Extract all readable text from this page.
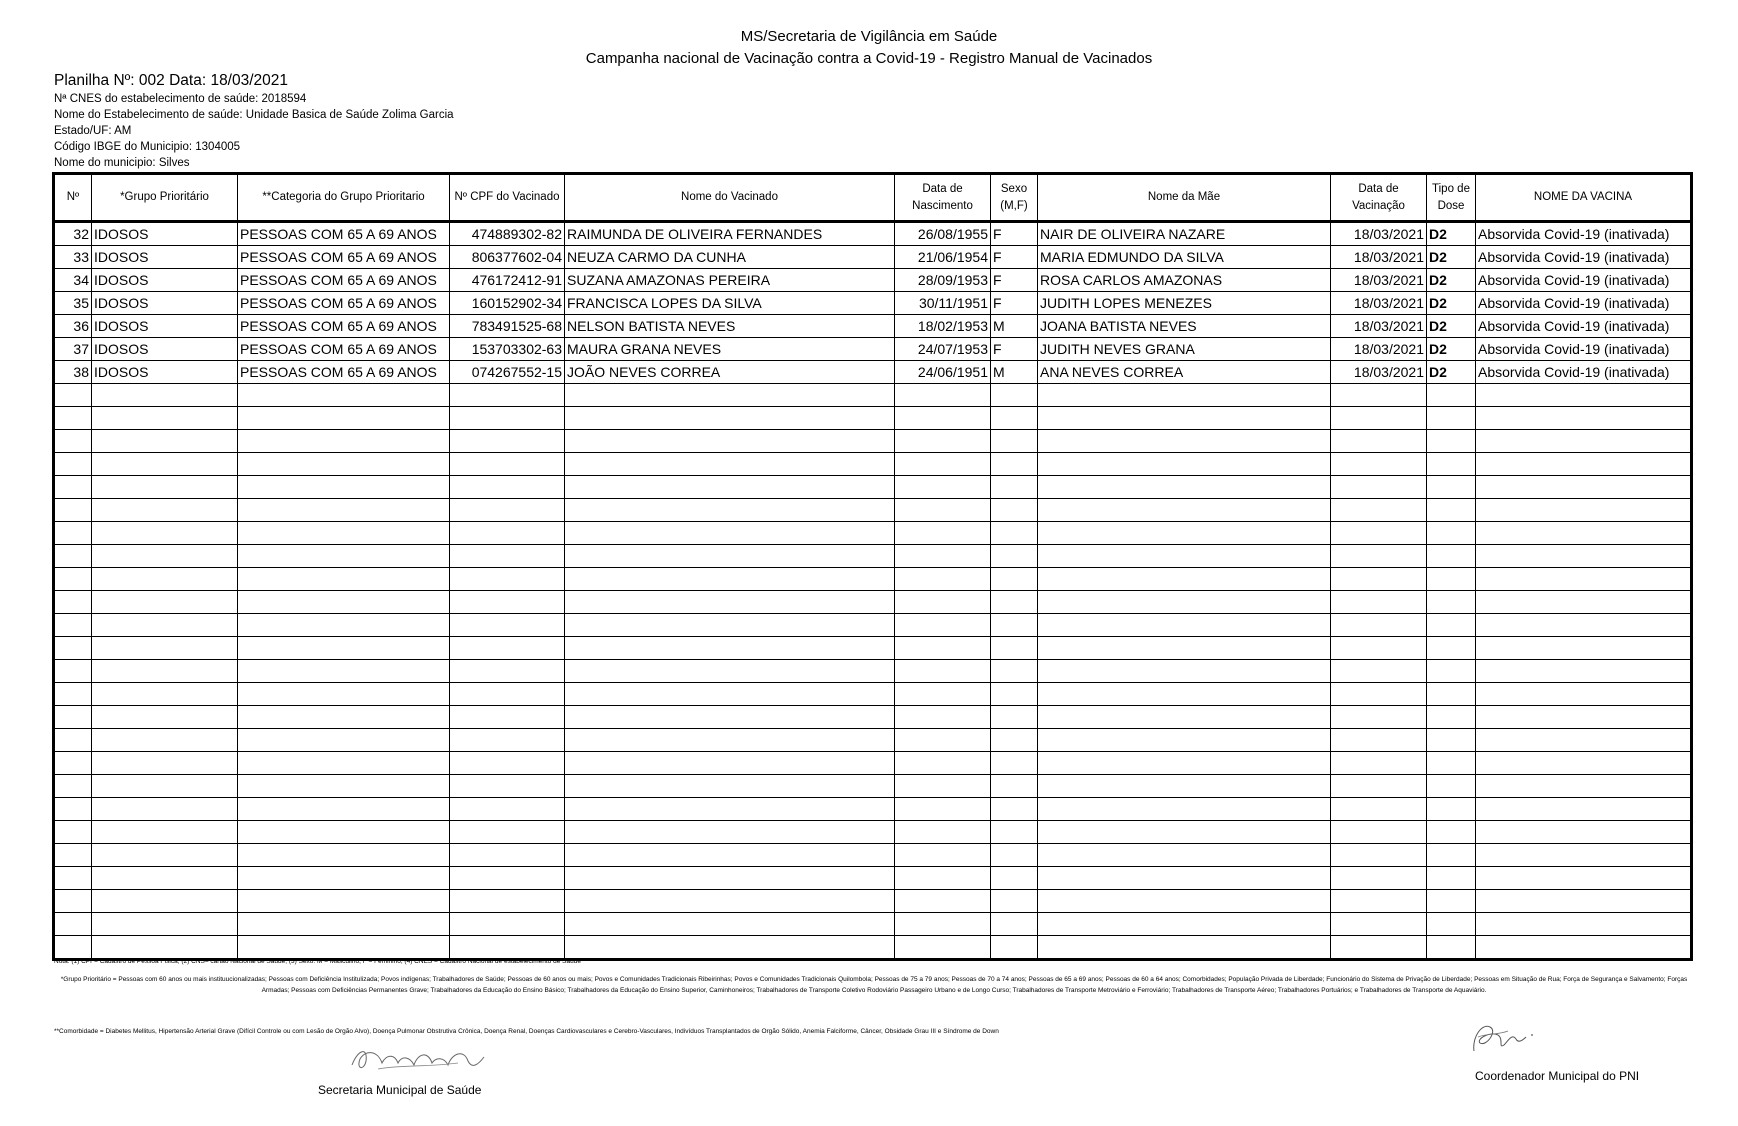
MS/Secretaria de Vigilância em Saúde
Campanha nacional de Vacinação contra a Covid-19 - Registro Manual de Vacinados
Planilha Nº: 002 Data: 18/03/2021
Nª CNES do estabelecimento de saúde: 2018594
Nome do Estabelecimento de saúde: Unidade Basica de Saúde Zolima Garcia
Estado/UF: AM
Código IBGE do Municipio: 1304005
Nome do municipio: Silves
Nº	*Grupo Prioritário	**Categoria do Grupo Prioritario	Nº CPF do Vacinado	Nome do Vacinado	Data de Nascimento	Sexo (M,F)	Nome da Mãe	Data de Vacinação	Tipo de Dose	NOME DA VACINA
32	IDOSOS	PESSOAS COM 65 A 69 ANOS	474889302-82	RAIMUNDA DE OLIVEIRA FERNANDES	26/08/1955	F	NAIR DE OLIVEIRA NAZARE	18/03/2021	D2	Absorvida Covid-19 (inativada)
33	IDOSOS	PESSOAS COM 65 A 69 ANOS	806377602-04	NEUZA CARMO DA CUNHA	21/06/1954	F	MARIA EDMUNDO DA SILVA	18/03/2021	D2	Absorvida Covid-19 (inativada)
34	IDOSOS	PESSOAS COM 65 A 69 ANOS	476172412-91	SUZANA AMAZONAS PEREIRA	28/09/1953	F	ROSA CARLOS AMAZONAS	18/03/2021	D2	Absorvida Covid-19 (inativada)
35	IDOSOS	PESSOAS COM 65 A 69 ANOS	160152902-34	FRANCISCA LOPES DA SILVA	30/11/1951	F	JUDITH LOPES MENEZES	18/03/2021	D2	Absorvida Covid-19 (inativada)
36	IDOSOS	PESSOAS COM 65 A 69 ANOS	783491525-68	NELSON BATISTA NEVES	18/02/1953	M	JOANA BATISTA NEVES	18/03/2021	D2	Absorvida Covid-19 (inativada)
37	IDOSOS	PESSOAS COM 65 A 69 ANOS	153703302-63	MAURA GRANA NEVES	24/07/1953	F	JUDITH NEVES GRANA	18/03/2021	D2	Absorvida Covid-19 (inativada)
38	IDOSOS	PESSOAS COM 65 A 69 ANOS	074267552-15	JOÃO NEVES CORREA	24/06/1951	M	ANA NEVES CORREA	18/03/2021	D2	Absorvida Covid-19 (inativada)

Nota: (1) CPF= Cadastro de Pessoa Física; (2) CNS= cartão Nacional de Saúde; (3) Sexo: M = Masculino, F = Feminino, (4) CNES = Cadastro Nacional de estabelecimento de Saúde
*Grupo Prioritário = Pessoas com 60 anos ou mais instituucionalizadas; Pessoas com Deficiência Institulizada; Povos indígenas; Trabalhadores de Saúde; Pessoas de 60 anos ou mais; Povos e Comunidades Tradicionais Ribeirinhas; Povos e Comunidades Tradicionais Quilombola; Pessoas de 75 a 79 anos; Pessoas de 70 a 74 anos; Pessoas de 65 a 69 anos; Pessoas de 60 a 64 anos; Comorbidades; População Privada de Liberdade; Funcionário do Sistema de Privação de Liberdade; Pessoas em Situação de Rua; Força de Segurança e Salvamento; Forças Armadas; Pessoas com Deficiências Permanentes Grave; Trabalhadores da Educação do Ensino Básico; Trabalhadores da Educação do Ensino Superior, Caminhoneiros; Trabalhadores de Transporte Coletivo Rodoviário Passageiro Urbano e de Longo Curso; Trabalhadores de Transporte Metroviário e Ferroviário; Trabalhadores de Transporte Aéreo; Trabalhadores Portuários; e Trabalhadores de Transporte de Aquaviário.
**Comorbidade = Diabetes Mellitus, Hipertensão Arterial Grave (Difícil Controle ou com Lesão de Orgão Alvo), Doença Pulmonar Obstrutiva Crônica, Doença Renal, Doenças Cardiovasculares e Cerebro-Vasculares, Indivíduos Transplantados de Orgão Sólido, Anemia Falciforme, Câncer, Obsidade Grau III e Síndrome de Down
Secretaria Municipal de Saúde
Coordenador Municipal do PNI
